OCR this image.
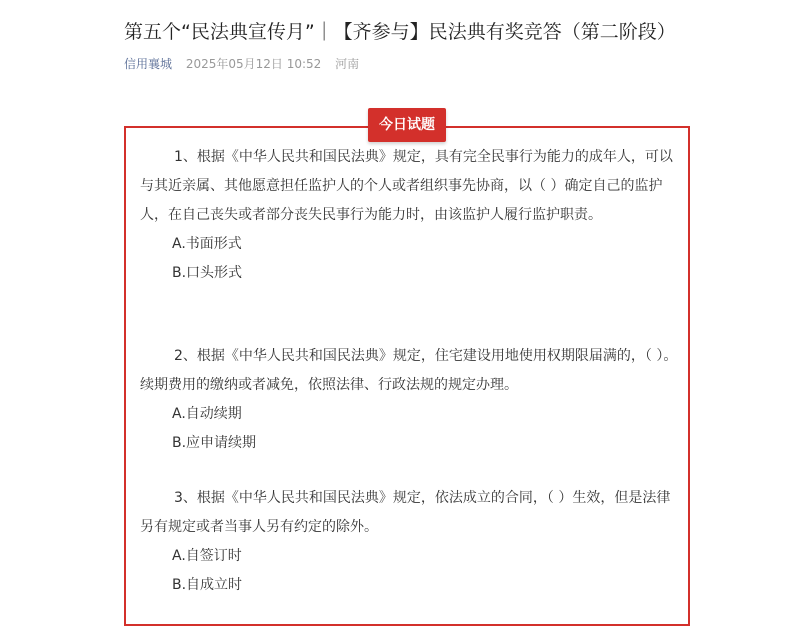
第五个“民法典宣传月”｜【齐参与】民法典有奖竞答（第二阶段）
信用襄城 2025年05月12日 10:52 河南
今日试题

1、根据《中华人民共和国民法典》规定，具有完全民事行为能力的成年人，可以与其近亲属、其他愿意担任监护人的个人或者组织事先协商，以（ ）确定自己的监护人，在自己丧失或者部分丧失民事行为能力时，由该监护人履行监护职责。

A.书面形式

B.口头形式

2、根据《中华人民共和国民法典》规定，住宅建设用地使用权期限届满的，（ ）。续期费用的缴纳或者减免，依照法律、行政法规的规定办理。

A.自动续期

B.应申请续期

3、根据《中华人民共和国民法典》规定，依法成立的合同，（ ）生效，但是法律另有规定或者当事人另有约定的除外。

A.自签订时

B.自成立时
